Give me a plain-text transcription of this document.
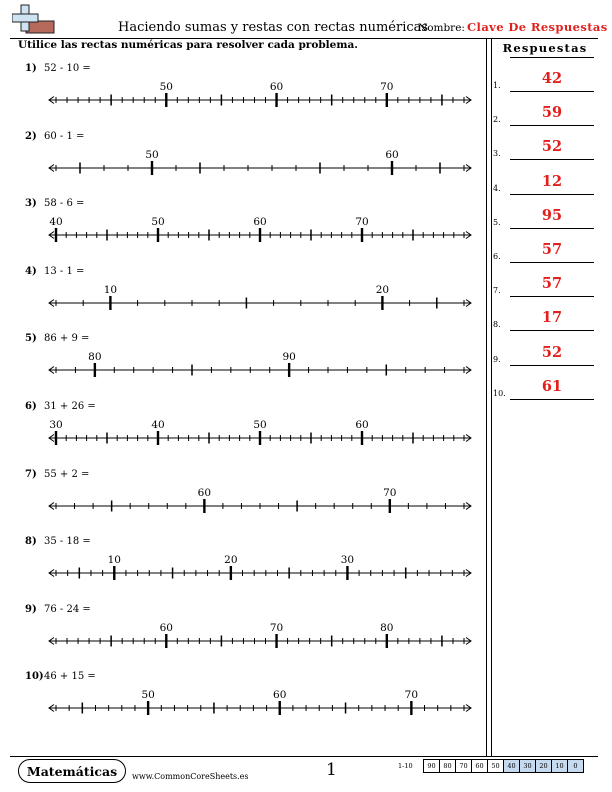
Haciendo sumas y restas con rectas numéricas
Nombre: Clave De Respuestas
Utilice las rectas numéricas para resolver cada problema.	Respuestas
1.	42
2.	59
3.	52
4.	12
5.	95
6.	57
7.	57
8.	17
9.	52
10.	61
1) 52 - 10 =
50	60	70
2) 60 - 1 =
50	60
3) 58 - 6 =
40	50	60	70
4) 13 - 1 =
10	20
5) 86 + 9 =
80	90
6) 31 + 26 =
30	40	50	60
7) 55 + 2 =
60	70
8) 35 - 18 =
10	20	30
9) 76 - 24 =
60	70	80
10) 46 + 15 =
50	60	70
Matemáticas	www.CommonCoreSheets.es	1	1-10	90	80	70	60	50	40	30	20	10	0
